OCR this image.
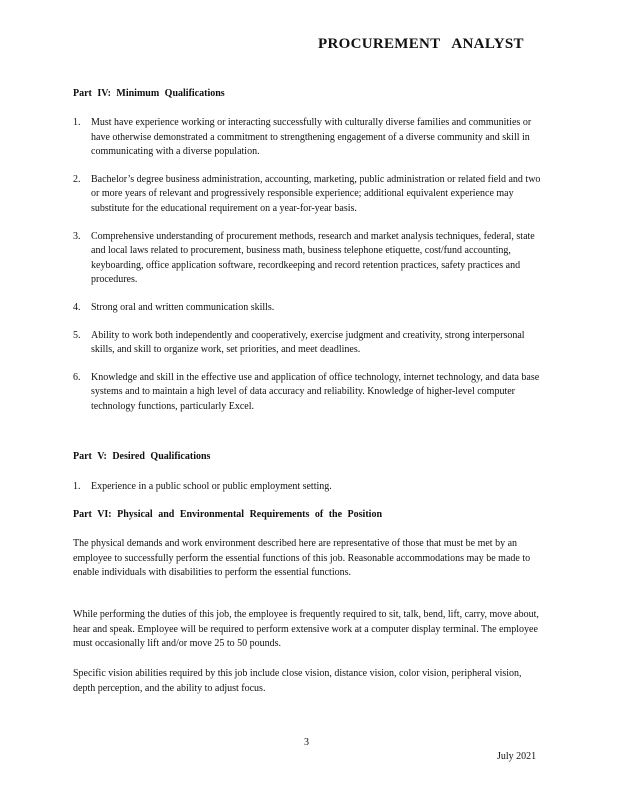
PROCUREMENT ANALYST
Part IV: Minimum Qualifications
1. Must have experience working or interacting successfully with culturally diverse families and communities or have otherwise demonstrated a commitment to strengthening engagement of a diverse community and skill in communicating with a diverse population.
2. Bachelor’s degree business administration, accounting, marketing, public administration or related field and two or more years of relevant and progressively responsible experience; additional equivalent experience may substitute for the educational requirement on a year-for-year basis.
3. Comprehensive understanding of procurement methods, research and market analysis techniques, federal, state and local laws related to procurement, business math, business telephone etiquette, cost/fund accounting, keyboarding, office application software, recordkeeping and record retention practices, safety practices and procedures.
4. Strong oral and written communication skills.
5. Ability to work both independently and cooperatively, exercise judgment and creativity, strong interpersonal skills, and skill to organize work, set priorities, and meet deadlines.
6. Knowledge and skill in the effective use and application of office technology, internet technology, and data base systems and to maintain a high level of data accuracy and reliability. Knowledge of higher-level computer technology functions, particularly Excel.
Part V: Desired Qualifications
1. Experience in a public school or public employment setting.
Part VI: Physical and Environmental Requirements of the Position

The physical demands and work environment described here are representative of those that must be met by an employee to successfully perform the essential functions of this job. Reasonable accommodations may be made to enable individuals with disabilities to perform the essential functions.

While performing the duties of this job, the employee is frequently required to sit, talk, bend, lift, carry, move about, hear and speak. Employee will be required to perform extensive work at a computer display terminal. The employee must occasionally lift and/or move 25 to 50 pounds.

Specific vision abilities required by this job include close vision, distance vision, color vision, peripheral vision, depth perception, and the ability to adjust focus.

3
July 2021
